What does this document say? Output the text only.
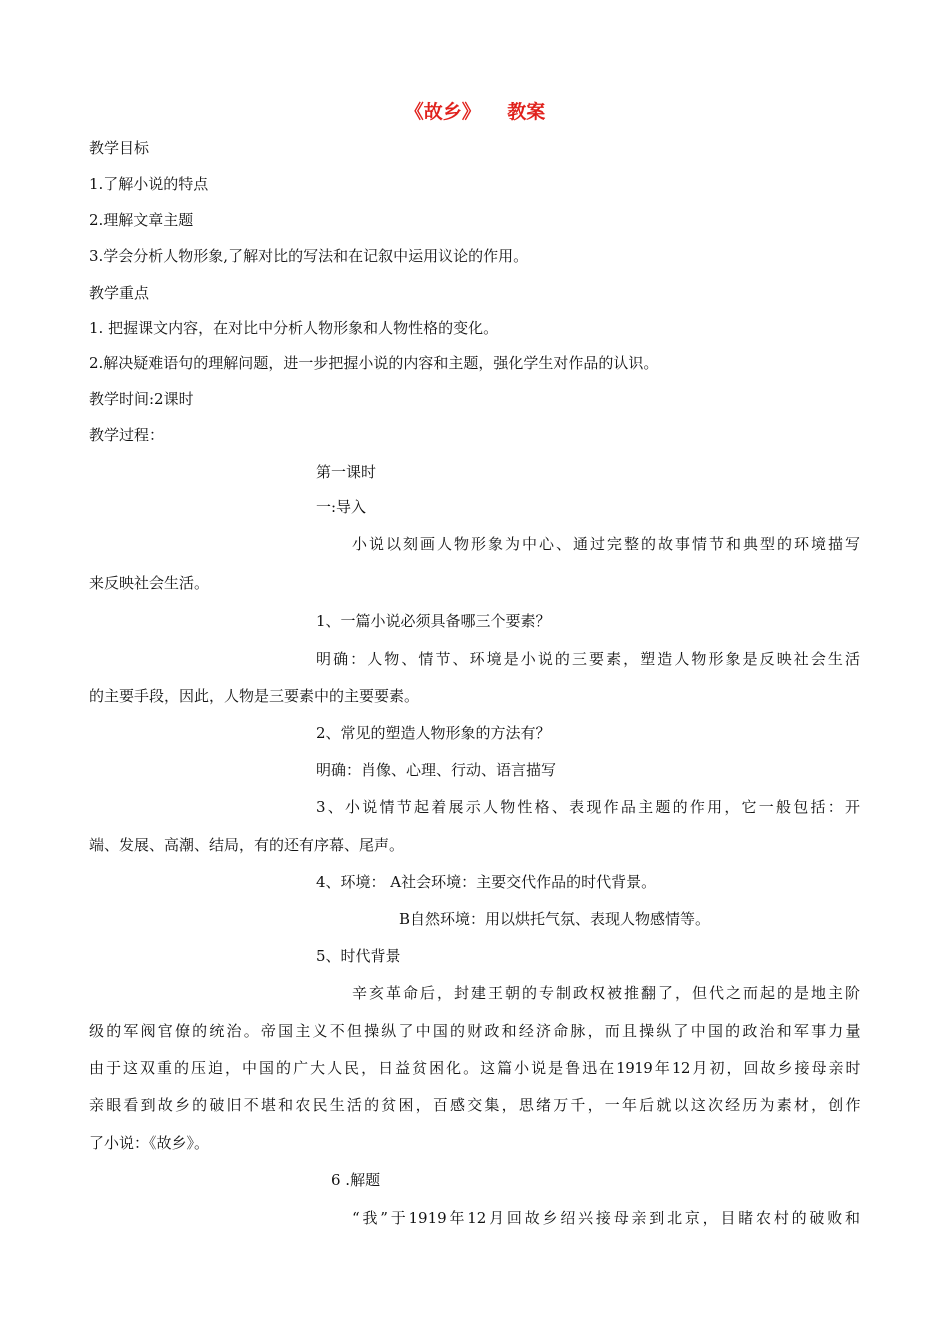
《故乡》    教案
教学目标
1.了解小说的特点
2.理解文章主题
3.学会分析人物形象,了解对比的写法和在记叙中运用议论的作用。
教学重点
1. 把握课文内容，在对比中分析人物形象和人物性格的变化。
2.解决疑难语句的理解问题，进一步把握小说的内容和主题，强化学生对作品的认识。
教学时间:2课时
教学过程：
第一课时
一:导入
小说以刻画人物形象为中心、通过完整的故事情节和典型的环境描写
来反映社会生活。
1、一篇小说必须具备哪三个要素？
明确：人物、情节、环境是小说的三要素，塑造人物形象是反映社会生活
的主要手段，因此，人物是三要素中的主要要素。
2、常见的塑造人物形象的方法有？
明确：肖像、心理、行动、语言描写
3、小说情节起着展示人物性格、表现作品主题的作用，它一般包括：开
端、发展、高潮、结局，有的还有序幕、尾声。
4、环境： A社会环境：主要交代作品的时代背景。
B自然环境：用以烘托气氛、表现人物感情等。
5、时代背景
辛亥革命后，封建王朝的专制政权被推翻了，但代之而起的是地主阶
级的军阀官僚的统治。帝国主义不但操纵了中国的财政和经济命脉，而且操纵了中国的政治和军事力量
由于这双重的压迫，中国的广大人民，日益贫困化。这篇小说是鲁迅在1919年12月初，回故乡接母亲时
亲眼看到故乡的破旧不堪和农民生活的贫困，百感交集，思绪万千，一年后就以这次经历为素材，创作
了小说：《故乡》。
6 .解题
“我”于1919年12月回故乡绍兴接母亲到北京，目睹农村的破败和
